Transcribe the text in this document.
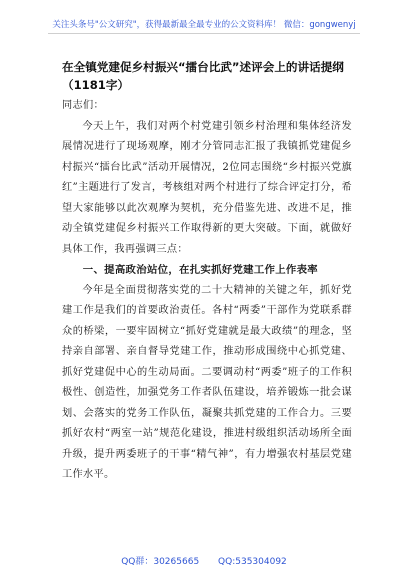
关注头条号"公文研究"，获得最新最全最专业的公文资料库！ 微信：gongwenyj
在全镇党建促乡村振兴“擂台比武”述评会上的讲话提纲（1181字）

同志们：

今天上午，我们对两个村党建引领乡村治理和集体经济发展情况进行了现场观摩，刚才分管同志汇报了我镇抓党建促乡村振兴“擂台比武”活动开展情况，2位同志围绕“乡村振兴党旗红”主题进行了发言，考核组对两个村进行了综合评定打分，希望大家能够以此次观摩为契机，充分借鉴先进、改进不足，推动全镇党建促乡村振兴工作取得新的更大突破。下面，就做好具体工作，我再强调三点：

一、提高政治站位，在扎实抓好党建工作上作表率

今年是全面贯彻落实党的二十大精神的关键之年，抓好党建工作是我们的首要政治责任。各村“两委”干部作为党联系群众的桥梁，一要牢固树立“抓好党建就是最大政绩”的理念，坚持亲自部署、亲自督导党建工作，推动形成围绕中心抓党建、抓好党建促中心的生动局面。二要调动村“两委”班子的工作积极性、创造性，加强党务工作者队伍建设，培养锻炼一批会谋划、会落实的党务工作队伍，凝聚共抓党建的工作合力。三要抓好农村“两室一站”规范化建设，推进村级组织活动场所全面升级，提升两委班子的干事“精气神”，有力增强农村基层党建工作水平。

QQ群：30265665 QQ:535304092
